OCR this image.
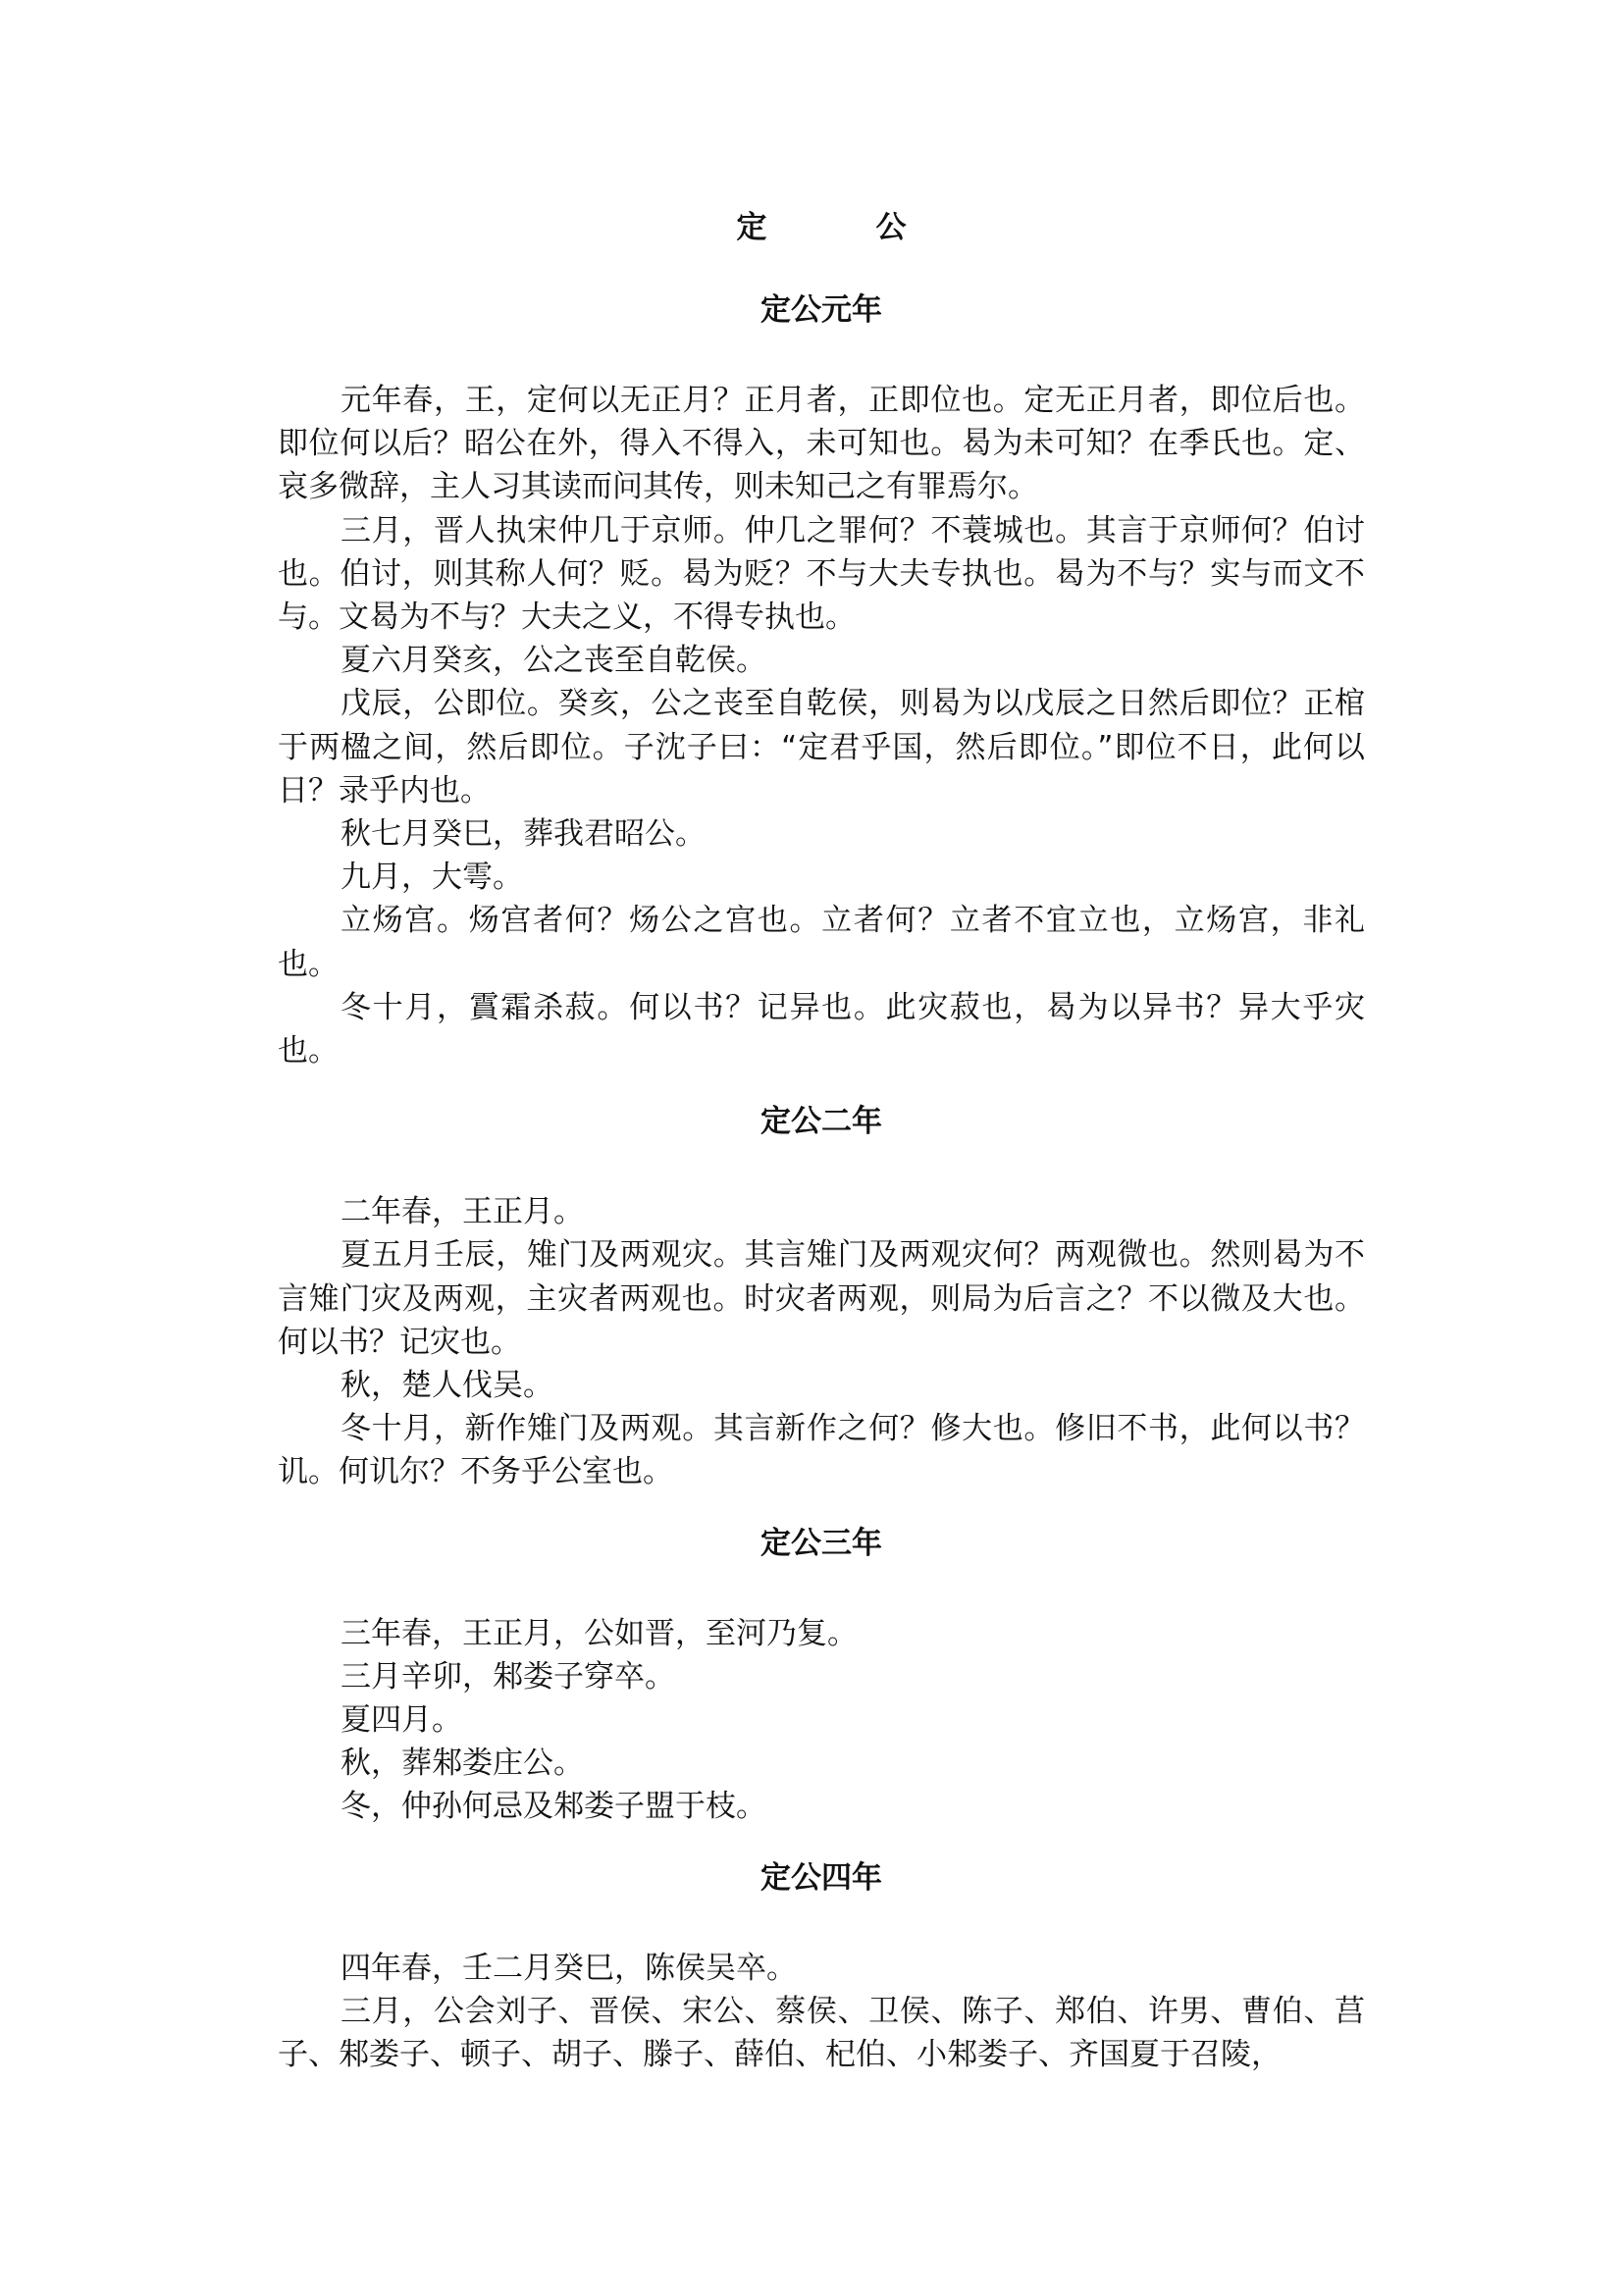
定　公
定公元年

元年春，王，定何以无正月？正月者，正即位也。定无正月者，即位后也。即位何以后？昭公在外，得入不得入，未可知也。曷为未可知？在季氏也。定、哀多微辞，主人习其读而问其传，则未知己之有罪焉尔。

三月，晋人执宋仲几于京师。仲几之罪何？不蓑城也。其言于京师何？伯讨也。伯讨，则其称人何？贬。曷为贬？不与大夫专执也。曷为不与？实与而文不与。文曷为不与？大夫之义，不得专执也。

夏六月癸亥，公之丧至自乾侯。

戊辰，公即位。癸亥，公之丧至自乾侯，则曷为以戊辰之日然后即位？正棺于两楹之间，然后即位。子沈子曰：“定君乎国，然后即位。”即位不日，此何以日？录乎内也。

秋七月癸巳，葬我君昭公。

九月，大雩。

立炀宫。炀宫者何？炀公之宫也。立者何？立者不宜立也，立炀宫，非礼也。

冬十月，霣霜杀菽。何以书？记异也。此灾菽也，曷为以异书？异大乎灾也。

定公二年

二年春，王正月。

夏五月壬辰，雉门及两观灾。其言雉门及两观灾何？两观微也。然则曷为不言雉门灾及两观，主灾者两观也。时灾者两观，则局为后言之？不以微及大也。何以书？记灾也。

秋，楚人伐吴。

冬十月，新作雉门及两观。其言新作之何？修大也。修旧不书，此何以书？讥。何讥尔？不务乎公室也。

定公三年

三年春，王正月，公如晋，至河乃复。

三月辛卯，邾娄子穿卒。

夏四月。

秋，葬邾娄庄公。

冬，仲孙何忌及邾娄子盟于枝。

定公四年

四年春，壬二月癸巳，陈侯吴卒。

三月，公会刘子、晋侯、宋公、蔡侯、卫侯、陈子、郑伯、许男、曹伯、莒子、邾娄子、顿子、胡子、滕子、薛伯、杞伯、小邾娄子、齐国夏于召陵，
